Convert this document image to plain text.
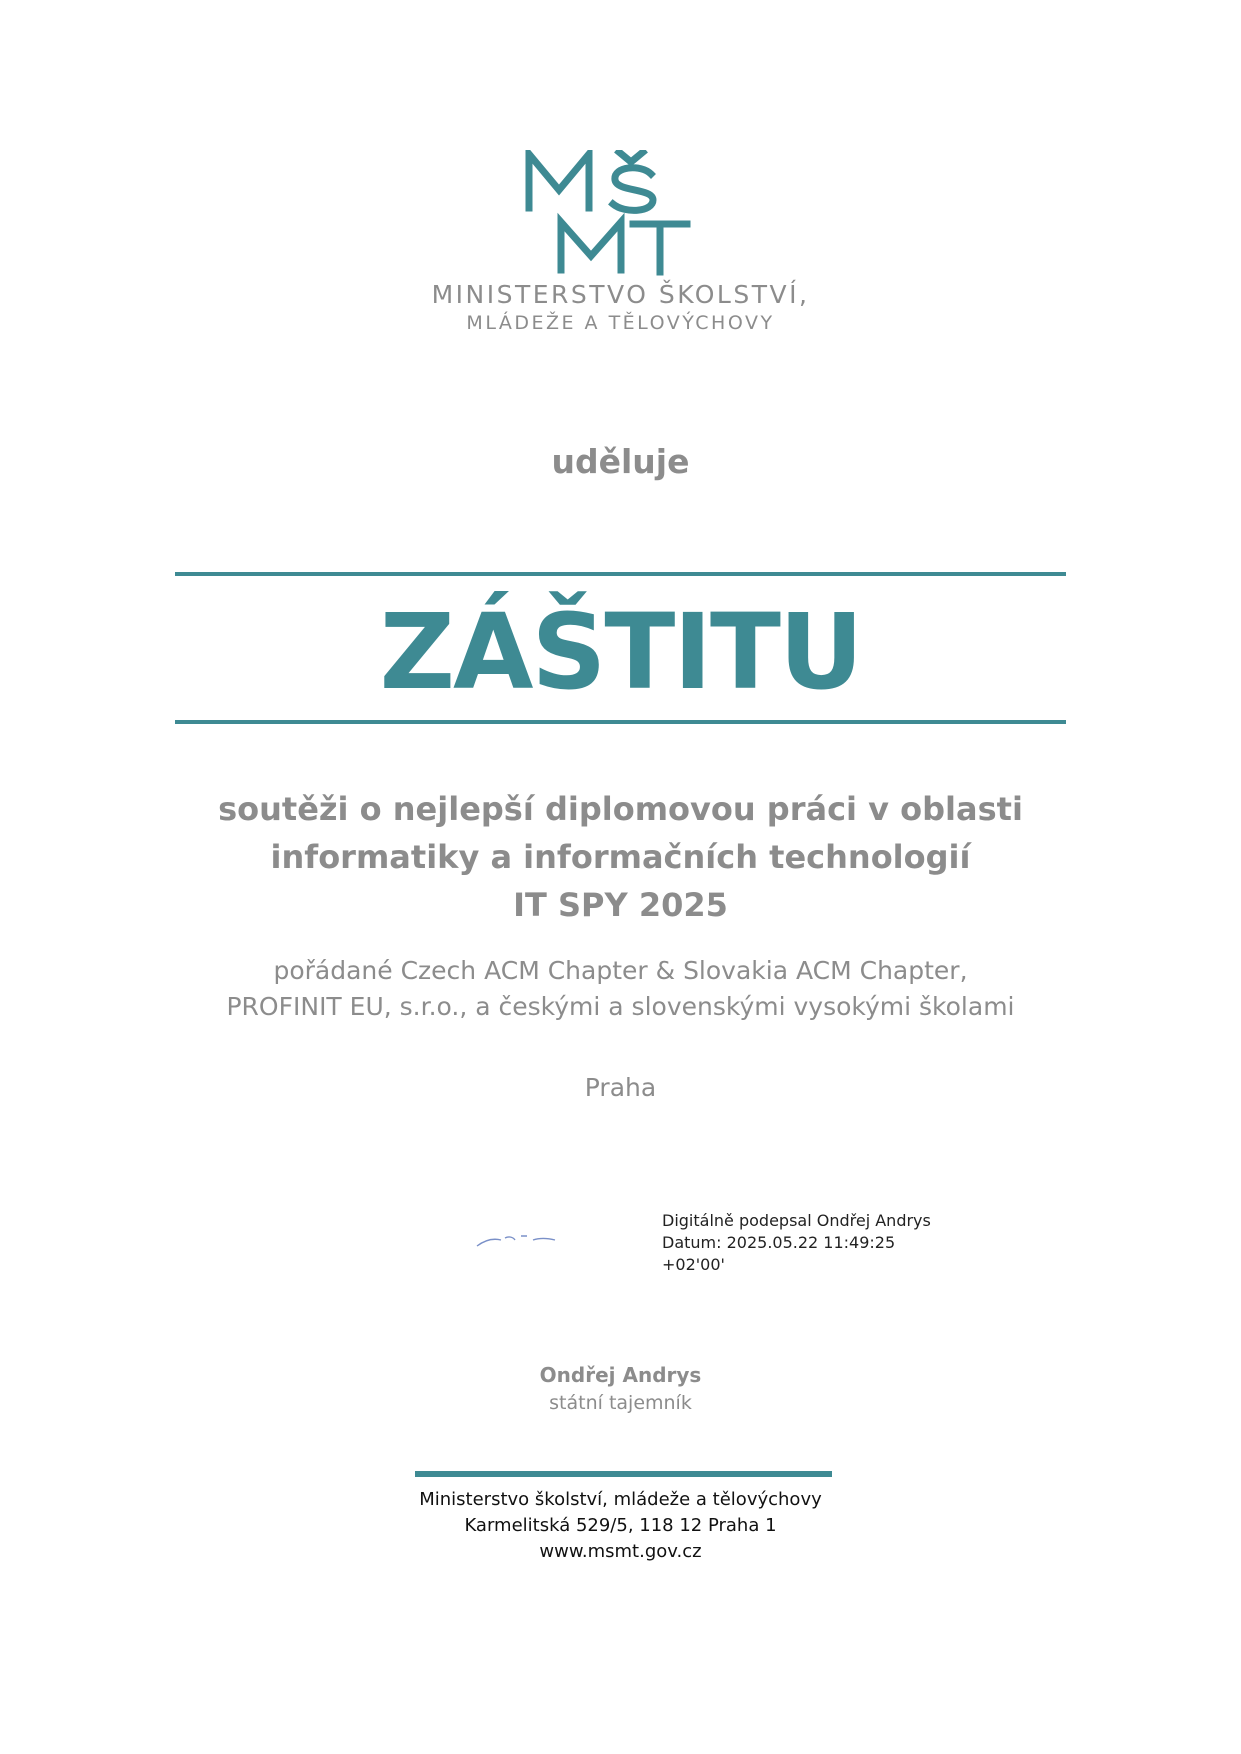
MINISTERSTVO ŠKOLSTVÍ,
MLÁDEŽE A TĚLOVÝCHOVY
uděluje
ZÁŠTITU
soutěži o nejlepší diplomovou práci v oblasti
informatiky a informačních technologií
IT SPY 2025
pořádané Czech ACM Chapter & Slovakia ACM Chapter,
PROFINIT EU, s.r.o., a českými a slovenskými vysokými školami
Praha
Digitálně podepsal Ondřej Andrys
Datum: 2025.05.22 11:49:25
+02'00'
Ondřej Andrys
státní tajemník
Ministerstvo školství, mládeže a tělovýchovy
Karmelitská 529/5, 118 12 Praha 1
www.msmt.gov.cz
